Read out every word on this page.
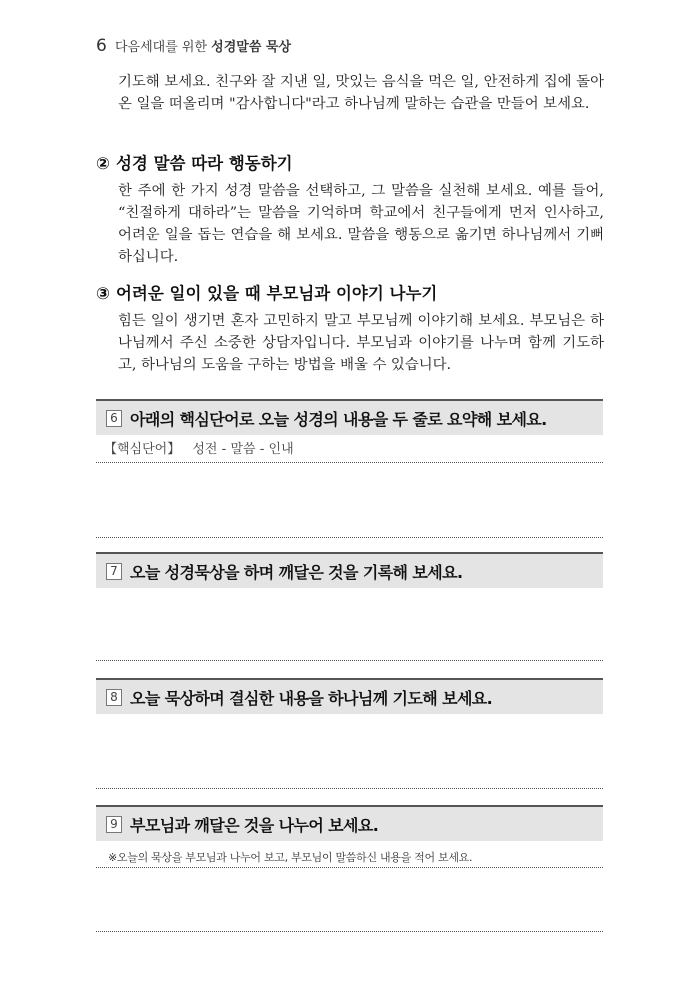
6 다음세대를 위한 성경말씀 묵상

기도해 보세요. 친구와 잘 지낸 일, 맛있는 음식을 먹은 일, 안전하게 집에 돌아온 일을 떠올리며 "감사합니다"라고 하나님께 말하는 습관을 만들어 보세요.

② 성경 말씀 따라 행동하기

한 주에 한 가지 성경 말씀을 선택하고, 그 말씀을 실천해 보세요. 예를 들어, “친절하게 대하라”는 말씀을 기억하며 학교에서 친구들에게 먼저 인사하고, 어려운 일을 돕는 연습을 해 보세요. 말씀을 행동으로 옮기면 하나님께서 기뻐하십니다.

③ 어려운 일이 있을 때 부모님과 이야기 나누기

힘든 일이 생기면 혼자 고민하지 말고 부모님께 이야기해 보세요. 부모님은 하나님께서 주신 소중한 상담자입니다. 부모님과 이야기를 나누며 함께 기도하고, 하나님의 도움을 구하는 방법을 배울 수 있습니다.

6 아래의 핵심단어로 오늘 성경의 내용을 두 줄로 요약해 보세요.
【핵심단어】 성전 - 말씀 - 인내
7 오늘 성경묵상을 하며 깨달은 것을 기록해 보세요.
8 오늘 묵상하며 결심한 내용을 하나님께 기도해 보세요.
9 부모님과 깨달은 것을 나누어 보세요.
※오늘의 묵상을 부모님과 나누어 보고, 부모님이 말씀하신 내용을 적어 보세요.
